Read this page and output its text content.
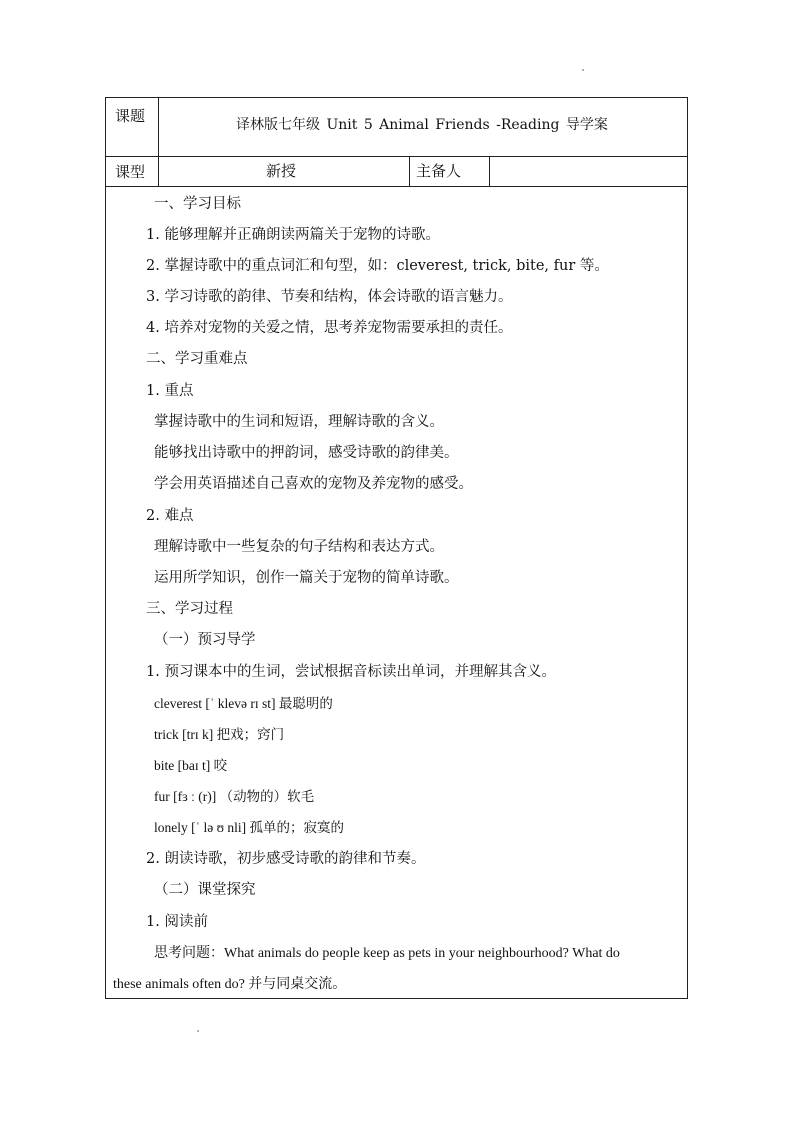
课题	译林版七年级 Unit 5 Animal Friends -Reading 导学案
课型	新授	主备人
一、学习目标
1. 能够理解并正确朗读两篇关于宠物的诗歌。
2. 掌握诗歌中的重点词汇和句型，如：cleverest, trick, bite, fur 等。
3. 学习诗歌的韵律、节奏和结构，体会诗歌的语言魅力。
4. 培养对宠物的关爱之情，思考养宠物需要承担的责任。
二、学习重难点
1. 重点
掌握诗歌中的生词和短语，理解诗歌的含义。
能够找出诗歌中的押韵词，感受诗歌的韵律美。
学会用英语描述自己喜欢的宠物及养宠物的感受。
2. 难点
理解诗歌中一些复杂的句子结构和表达方式。
运用所学知识，创作一篇关于宠物的简单诗歌。
三、学习过程
（一）预习导学
1. 预习课本中的生词，尝试根据音标读出单词，并理解其含义。
cleverest [ˈ klevə rɪ st] 最聪明的
trick [trɪ k] 把戏；窍门
bite [baɪ t] 咬
fur [fɜ ː (r)] （动物的）软毛
lonely [ˈ lə ʊ nli] 孤单的；寂寞的
2. 朗读诗歌，初步感受诗歌的韵律和节奏。
（二）课堂探究
1. 阅读前
思考问题：What animals do people keep as pets in your neighbourhood? What do
these animals often do? 并与同桌交流。
